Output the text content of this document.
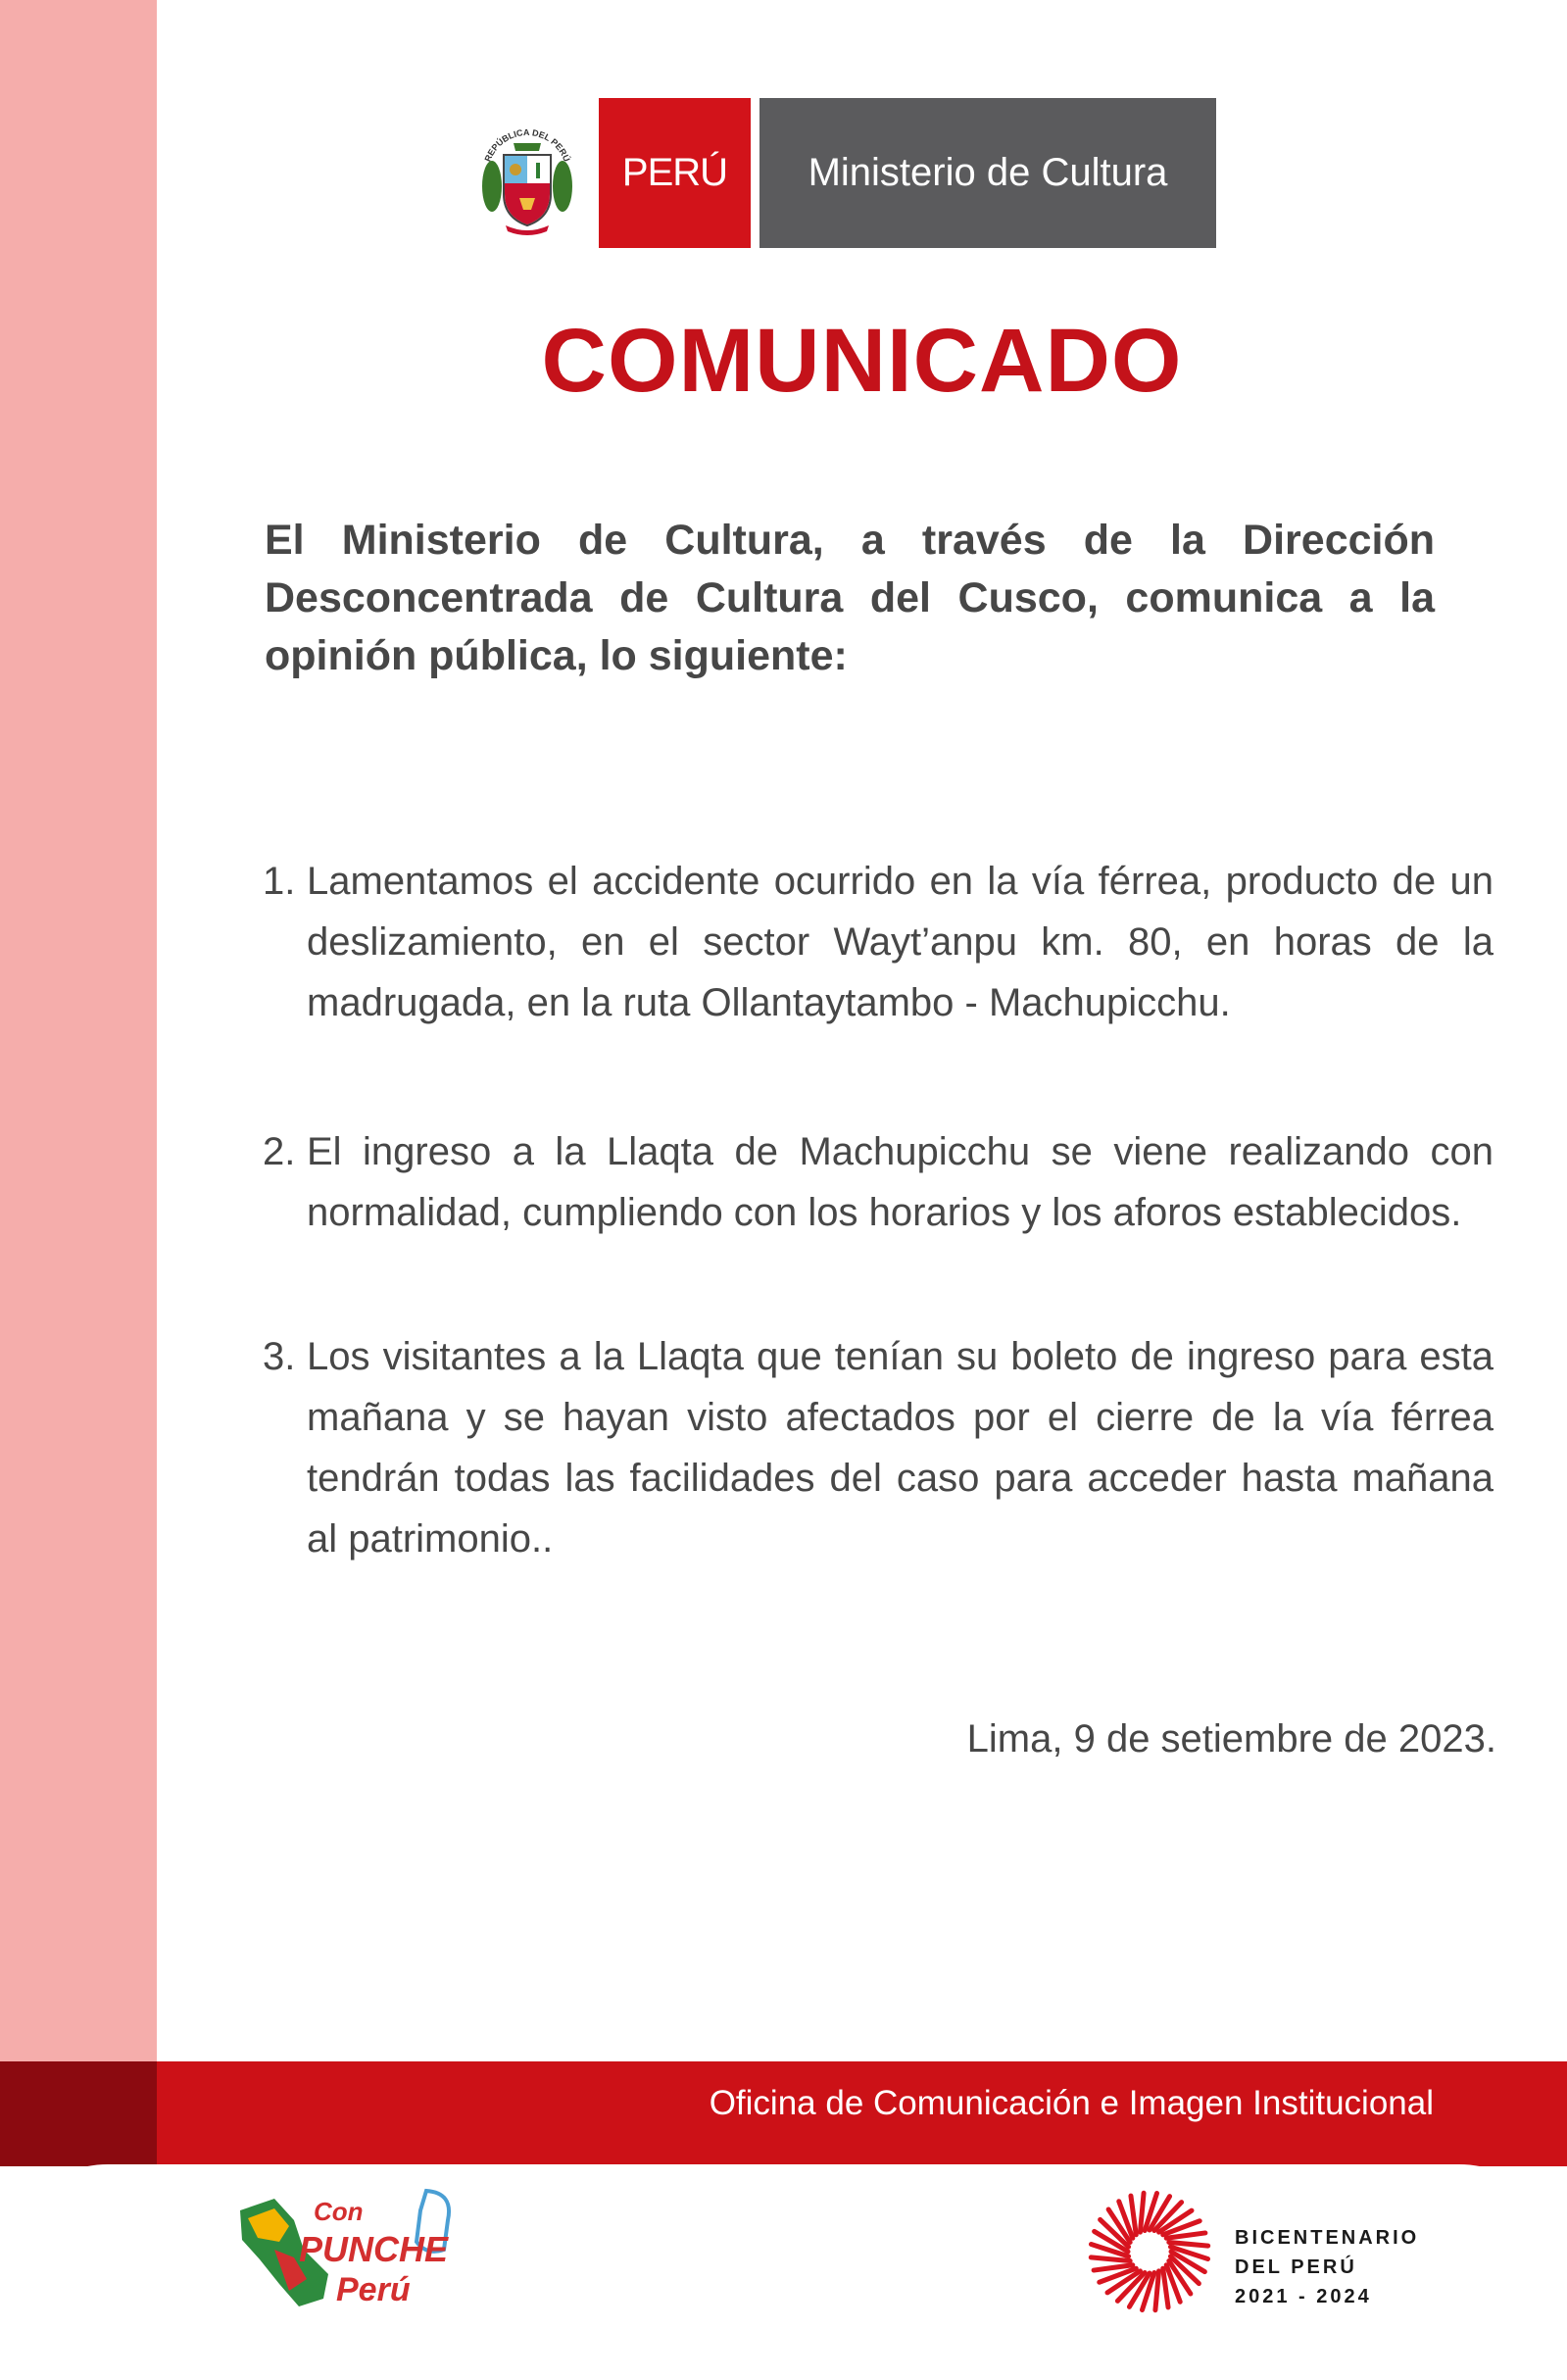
Oficina de Comunicación e Imagen Institucional
REPÚBLICA DEL PERÚ PERÚ Ministerio de Cultura
COMUNICADO

El Ministerio de Cultura, a través de la Dirección Desconcentrada de Cultura del Cusco, comunica a la opinión pública, lo siguiente:

1. Lamentamos el accidente ocurrido en la vía férrea, producto de un deslizamiento, en el sector Wayt’anpu km. 80, en horas de la madrugada, en la ruta Ollantaytambo - Machupicchu.
2. El ingreso a la Llaqta de Machupicchu se viene realizando con normalidad, cumpliendo con los horarios y los aforos establecidos.
3. Los visitantes a la Llaqta que tenían su boleto de ingreso para esta mañana y se hayan visto afectados por el cierre de la vía férrea tendrán todas las facilidades del caso para acceder hasta mañana al patrimonio..
Lima, 9 de setiembre de 2023.
Con
PUNCHE
Perú
BICENTENARIO
DEL PERÚ
2021 - 2024
